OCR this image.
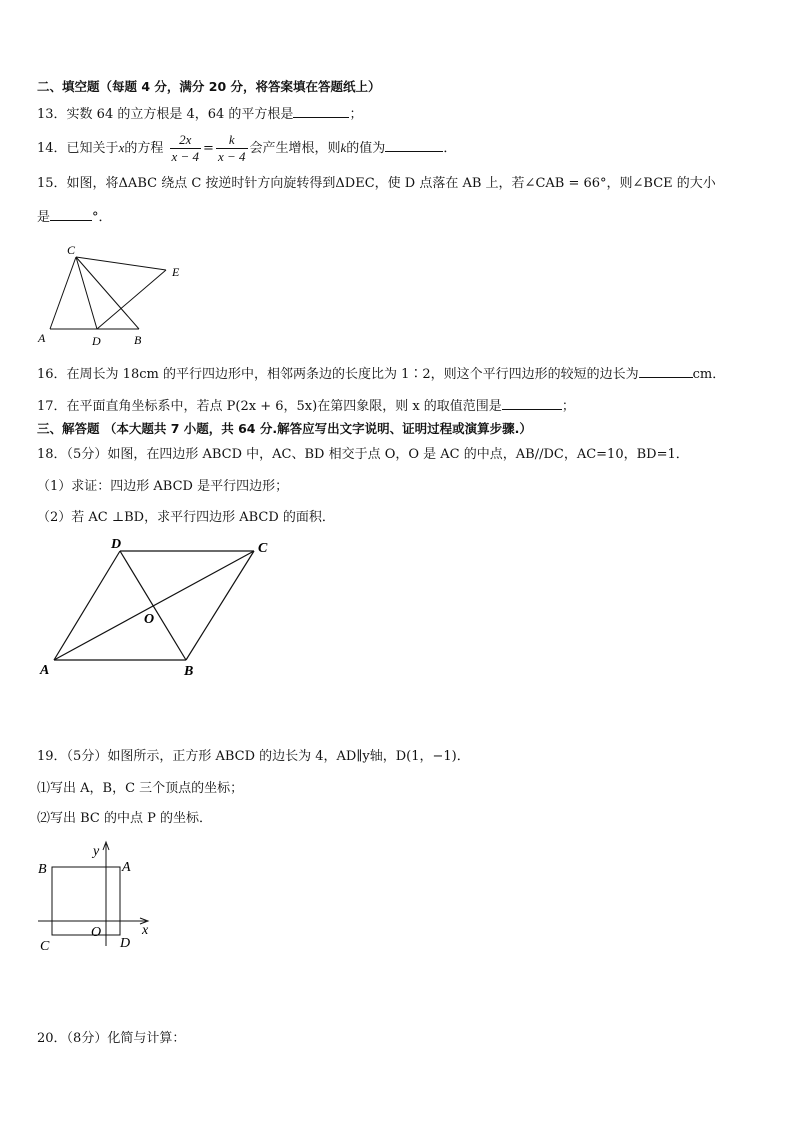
二、填空题（每题 4 分，满分 20 分，将答案填在答题纸上）
13．实数 64 的立方根是 4，64 的平方根是	；
14．已知关于x的方程 $\frac{2x}{x - 4} = \frac{k}{x - 4}$ 会产生增根，则k的值为	．
15．如图，将ΔABC 绕点 C 按逆时针方向旋转得到ΔDEC，使 D 点落在 AB 上，若∠CAB = 66°，则∠BCE 的大小
是	°．
C
E
A	D	B
16．在周长为 18cm 的平行四边形中，相邻两条边的长度比为 1∶2，则这个平行四边形的较短的边长为	cm．
17．在平面直角坐标系中，若点 P(2x + 6，5x)在第四象限，则 x 的取值范围是	；
三、解答题 （本大题共 7 小题，共 64 分.解答应写出文字说明、证明过程或演算步骤.）
18．（5分）如图，在四边形 ABCD 中，AC、BD 相交于点 O，O 是 AC 的中点，AB//DC，AC=10，BD=1．
（1）求证：四边形 ABCD 是平行四边形；
（2）若 AC ⊥BD，求平行四边形 ABCD 的面积．
D	C
O
A	B
19．（5分）如图所示，正方形 ABCD 的边长为 4，AD∥y轴，D(1，−1)．
⑴写出 A，B，C 三个顶点的坐标；
⑵写出 BC 的中点 P 的坐标．
y
x
A
B
C	D
O
20．（8分）化简与计算：
